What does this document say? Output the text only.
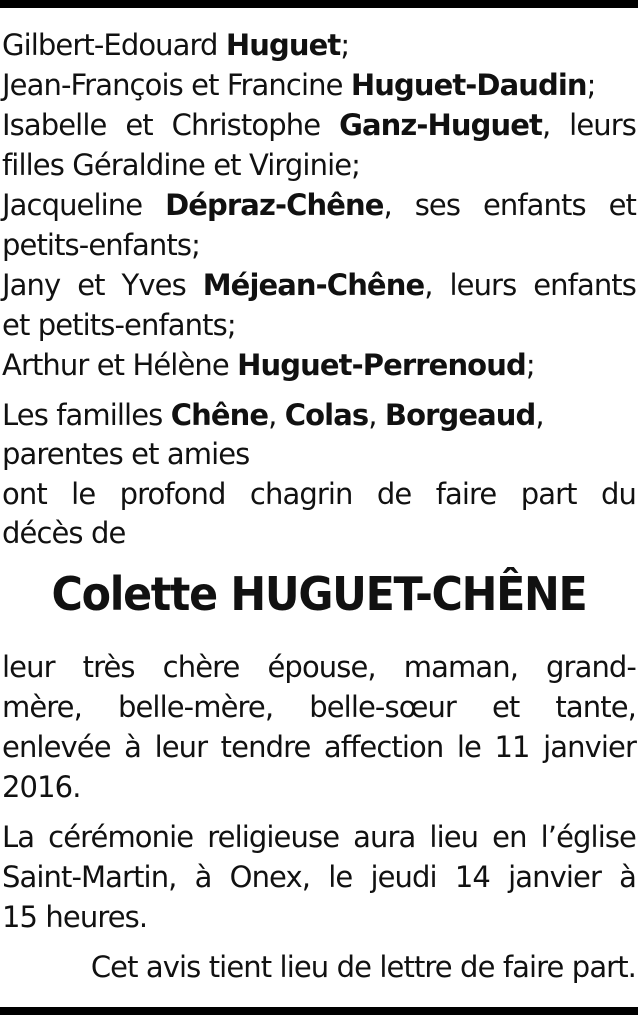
Gilbert-Edouard Huguet;

Jean-François et Francine Huguet-Daudin;

Isabelle et Christophe Ganz-Huguet, leurs

filles Géraldine et Virginie;

Jacqueline Dépraz-Chêne, ses enfants et

petits-enfants;

Jany et Yves Méjean-Chêne, leurs enfants

et petits-enfants;

Arthur et Hélène Huguet-Perrenoud;

Les familles Chêne, Colas, Borgeaud,

parentes et amies

ont le profond chagrin de faire part du

décès de

Colette HUGUET-CHÊNE

leur très chère épouse, maman, grand-

mère, belle-mère, belle-sœur et tante,

enlevée à leur tendre affection le 11 janvier

2016.

La cérémonie religieuse aura lieu en l’église

Saint-Martin, à Onex, le jeudi 14 janvier à

15 heures.

Cet avis tient lieu de lettre de faire part.
